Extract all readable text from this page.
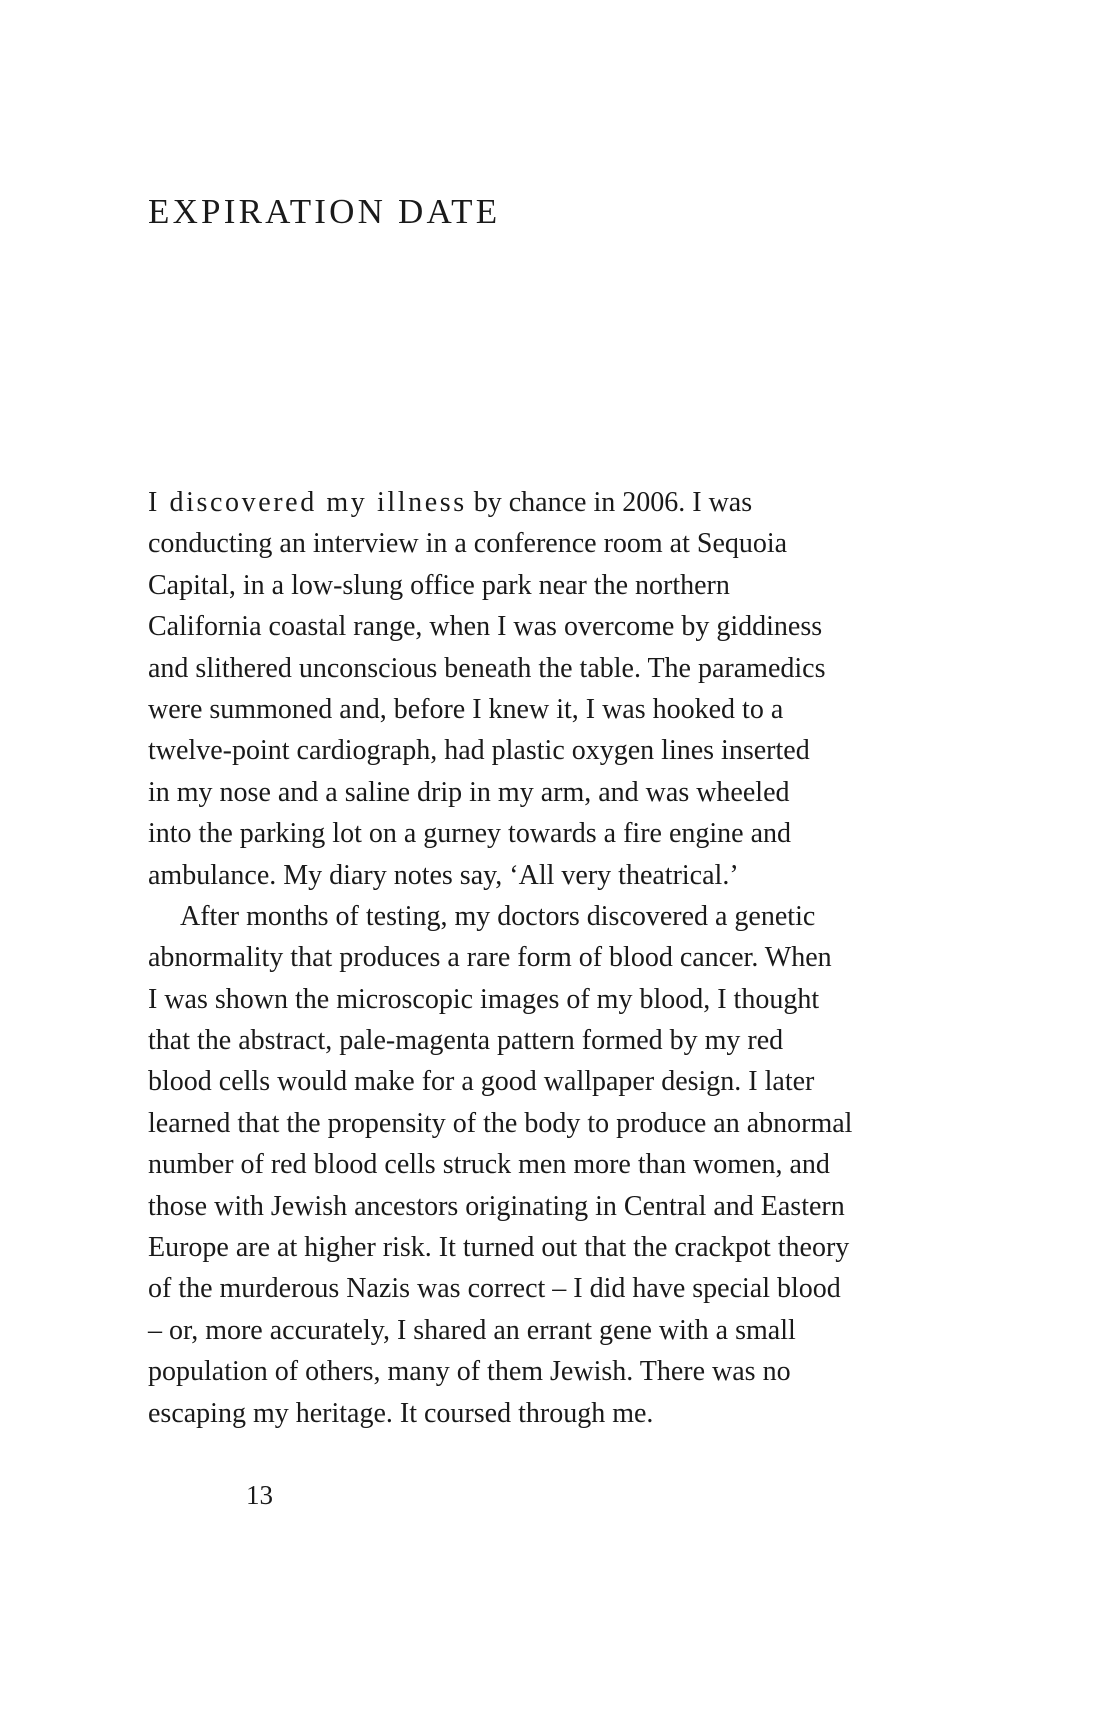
EXPIRATION DATE
I discovered my illness by chance in 2006. I was
conducting an interview in a conference room at Sequoia
Capital, in a low-slung office park near the northern
California coastal range, when I was overcome by giddiness
and slithered unconscious beneath the table. The paramedics
were summoned and, before I knew it, I was hooked to a
twelve-point cardiograph, had plastic oxygen lines inserted
in my nose and a saline drip in my arm, and was wheeled
into the parking lot on a gurney towards a fire engine and
ambulance. My diary notes say, ‘All very theatrical.’
After months of testing, my doctors discovered a genetic
abnormality that produces a rare form of blood cancer. When
I was shown the microscopic images of my blood, I thought
that the abstract, pale-magenta pattern formed by my red
blood cells would make for a good wallpaper design. I later
learned that the propensity of the body to produce an abnormal
number of red blood cells struck men more than women, and
those with Jewish ancestors originating in Central and Eastern
Europe are at higher risk. It turned out that the crackpot theory
of the murderous Nazis was correct – I did have special blood
– or, more accurately, I shared an errant gene with a small
population of others, many of them Jewish. There was no
escaping my heritage. It coursed through me.
13
